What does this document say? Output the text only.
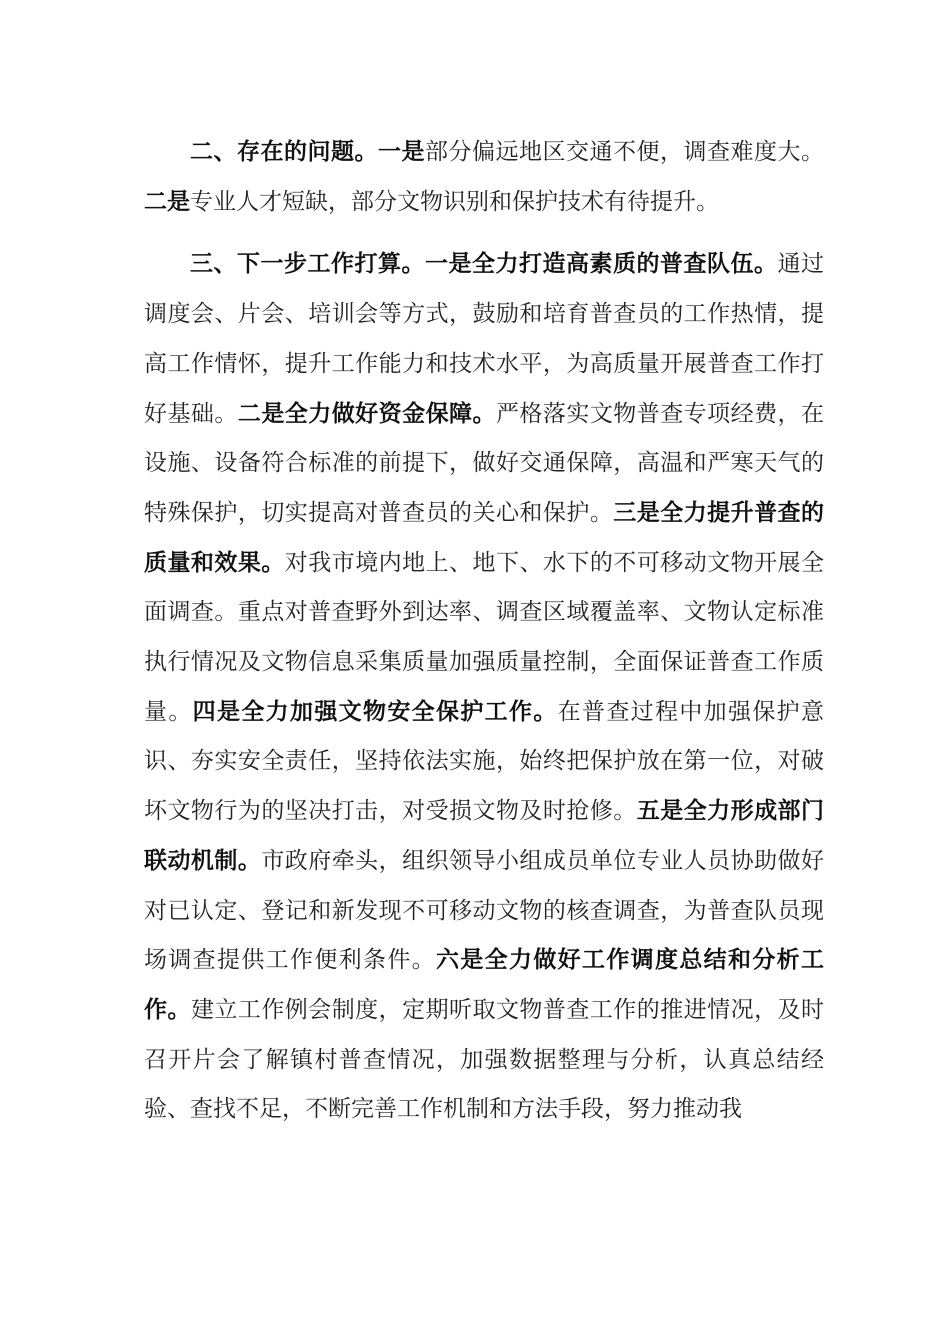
二、存在的问题。一是部分偏远地区交通不便，调查难度大。二是专业人才短缺，部分文物识别和保护技术有待提升。

三、下一步工作打算。一是全力打造高素质的普查队伍。通过调度会、片会、培训会等方式，鼓励和培育普查员的工作热情，提高工作情怀，提升工作能力和技术水平，为高质量开展普查工作打好基础。二是全力做好资金保障。严格落实文物普查专项经费，在设施、设备符合标准的前提下，做好交通保障，高温和严寒天气的特殊保护，切实提高对普查员的关心和保护。三是全力提升普查的质量和效果。对我市境内地上、地下、水下的不可移动文物开展全面调查。重点对普查野外到达率、调查区域覆盖率、文物认定标准执行情况及文物信息采集质量加强质量控制，全面保证普查工作质量。四是全力加强文物安全保护工作。在普查过程中加强保护意识、夯实安全责任，坚持依法实施，始终把保护放在第一位，对破坏文物行为的坚决打击，对受损文物及时抢修。五是全力形成部门联动机制。市政府牵头，组织领导小组成员单位专业人员协助做好对已认定、登记和新发现不可移动文物的核查调查，为普查队员现场调查提供工作便利条件。六是全力做好工作调度总结和分析工作。建立工作例会制度，定期听取文物普查工作的推进情况，及时召开片会了解镇村普查情况，加强数据整理与分析，认真总结经验、查找不足，不断完善工作机制和方法手段，努力推动我
